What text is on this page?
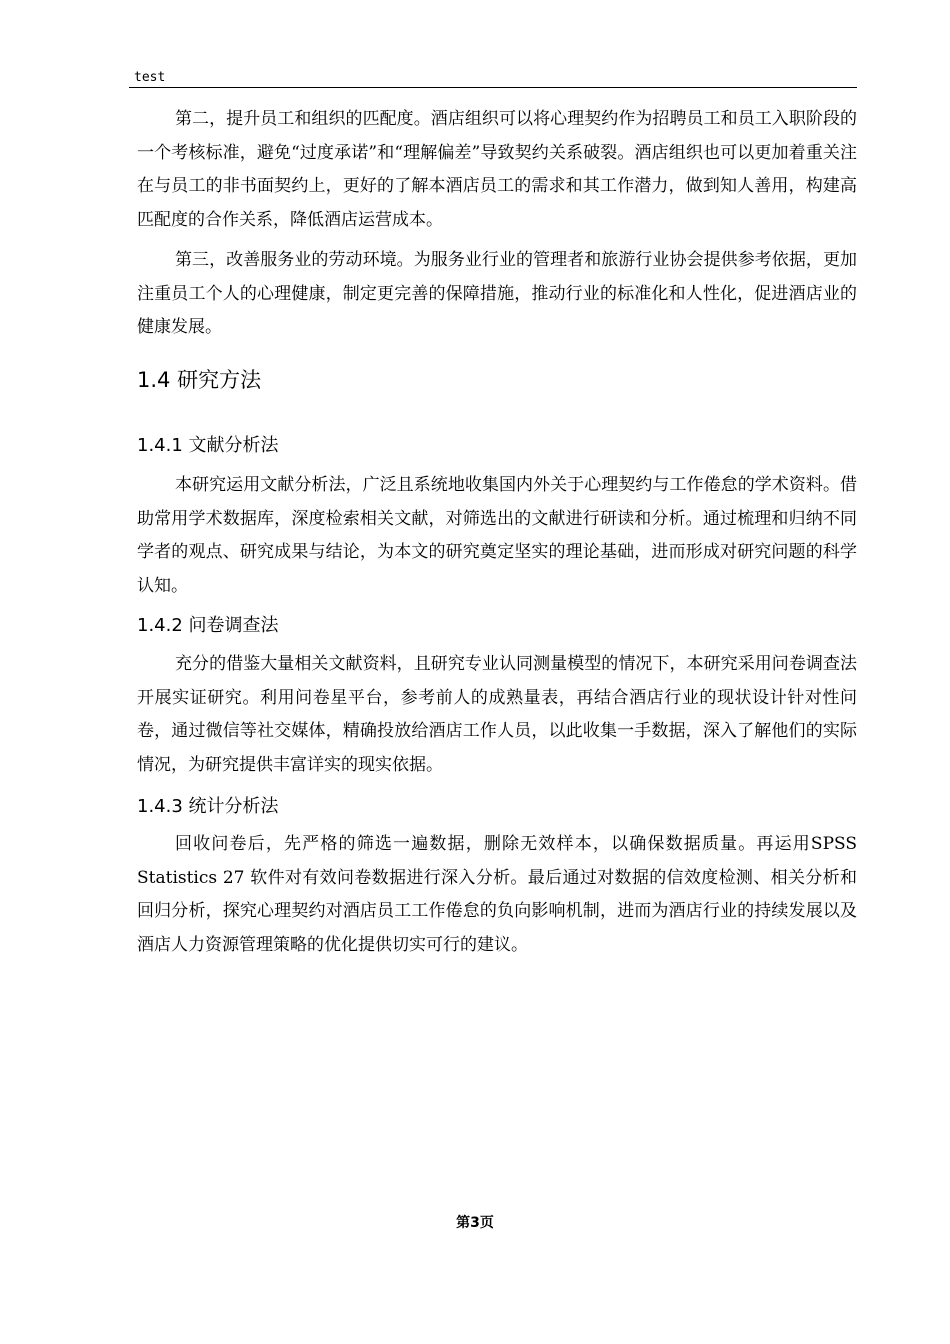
test

第二，提升员工和组织的匹配度。酒店组织可以将心理契约作为招聘员工和员工入职阶段的一个考核标准，避免“过度承诺”和“理解偏差”导致契约关系破裂。酒店组织也可以更加着重关注在与员工的非书面契约上，更好的了解本酒店员工的需求和其工作潜力，做到知人善用，构建高匹配度的合作关系，降低酒店运营成本。

第三，改善服务业的劳动环境。为服务业行业的管理者和旅游行业协会提供参考依据，更加注重员工个人的心理健康，制定更完善的保障措施，推动行业的标准化和人性化，促进酒店业的健康发展。

1.4 研究方法
1.4.1 文献分析法

本研究运用文献分析法，广泛且系统地收集国内外关于心理契约与工作倦怠的学术资料。借助常用学术数据库，深度检索相关文献，对筛选出的文献进行研读和分析。通过梳理和归纳不同学者的观点、研究成果与结论，为本文的研究奠定坚实的理论基础，进而形成对研究问题的科学认知。

1.4.2 问卷调查法

充分的借鉴大量相关文献资料，且研究专业认同测量模型的情况下，本研究采用问卷调查法开展实证研究。利用问卷星平台，参考前人的成熟量表，再结合酒店行业的现状设计针对性问卷，通过微信等社交媒体，精确投放给酒店工作人员，以此收集一手数据，深入了解他们的实际情况，为研究提供丰富详实的现实依据。

1.4.3 统计分析法

回收问卷后，先严格的筛选一遍数据，删除无效样本，以确保数据质量。再运用SPSS Statistics 27 软件对有效问卷数据进行深入分析。最后通过对数据的信效度检测、相关分析和回归分析，探究心理契约对酒店员工工作倦怠的负向影响机制，进而为酒店行业的持续发展以及酒店人力资源管理策略的优化提供切实可行的建议。

第3页
